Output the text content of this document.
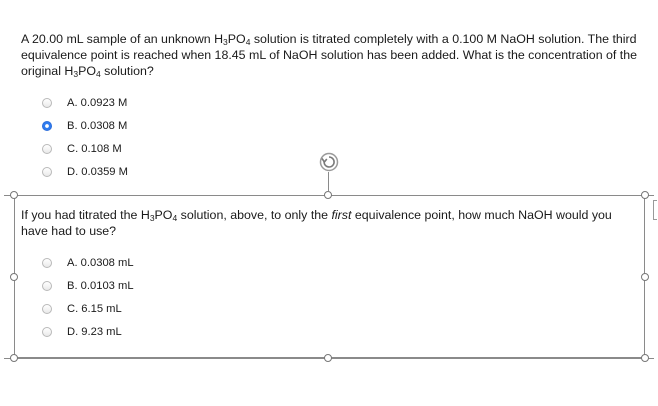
A 20.00 mL sample of an unknown $H_3PO_4$ solution is titrated completely with a 0.100 M NaOH solution. The third equivalence point is reached when 18.45 mL of NaOH solution has been added. What is the concentration of the original $H_3PO_4$ solution?

A. 0.0923 M
B. 0.0308 M
C. 0.108 M
D. 0.0359 M

If you had titrated the $H_3PO_4$ solution, above, to only the first equivalence point, how much NaOH would you have had to use?

A. 0.0308 mL
B. 0.0103 mL
C. 6.15 mL
D. 9.23 mL
